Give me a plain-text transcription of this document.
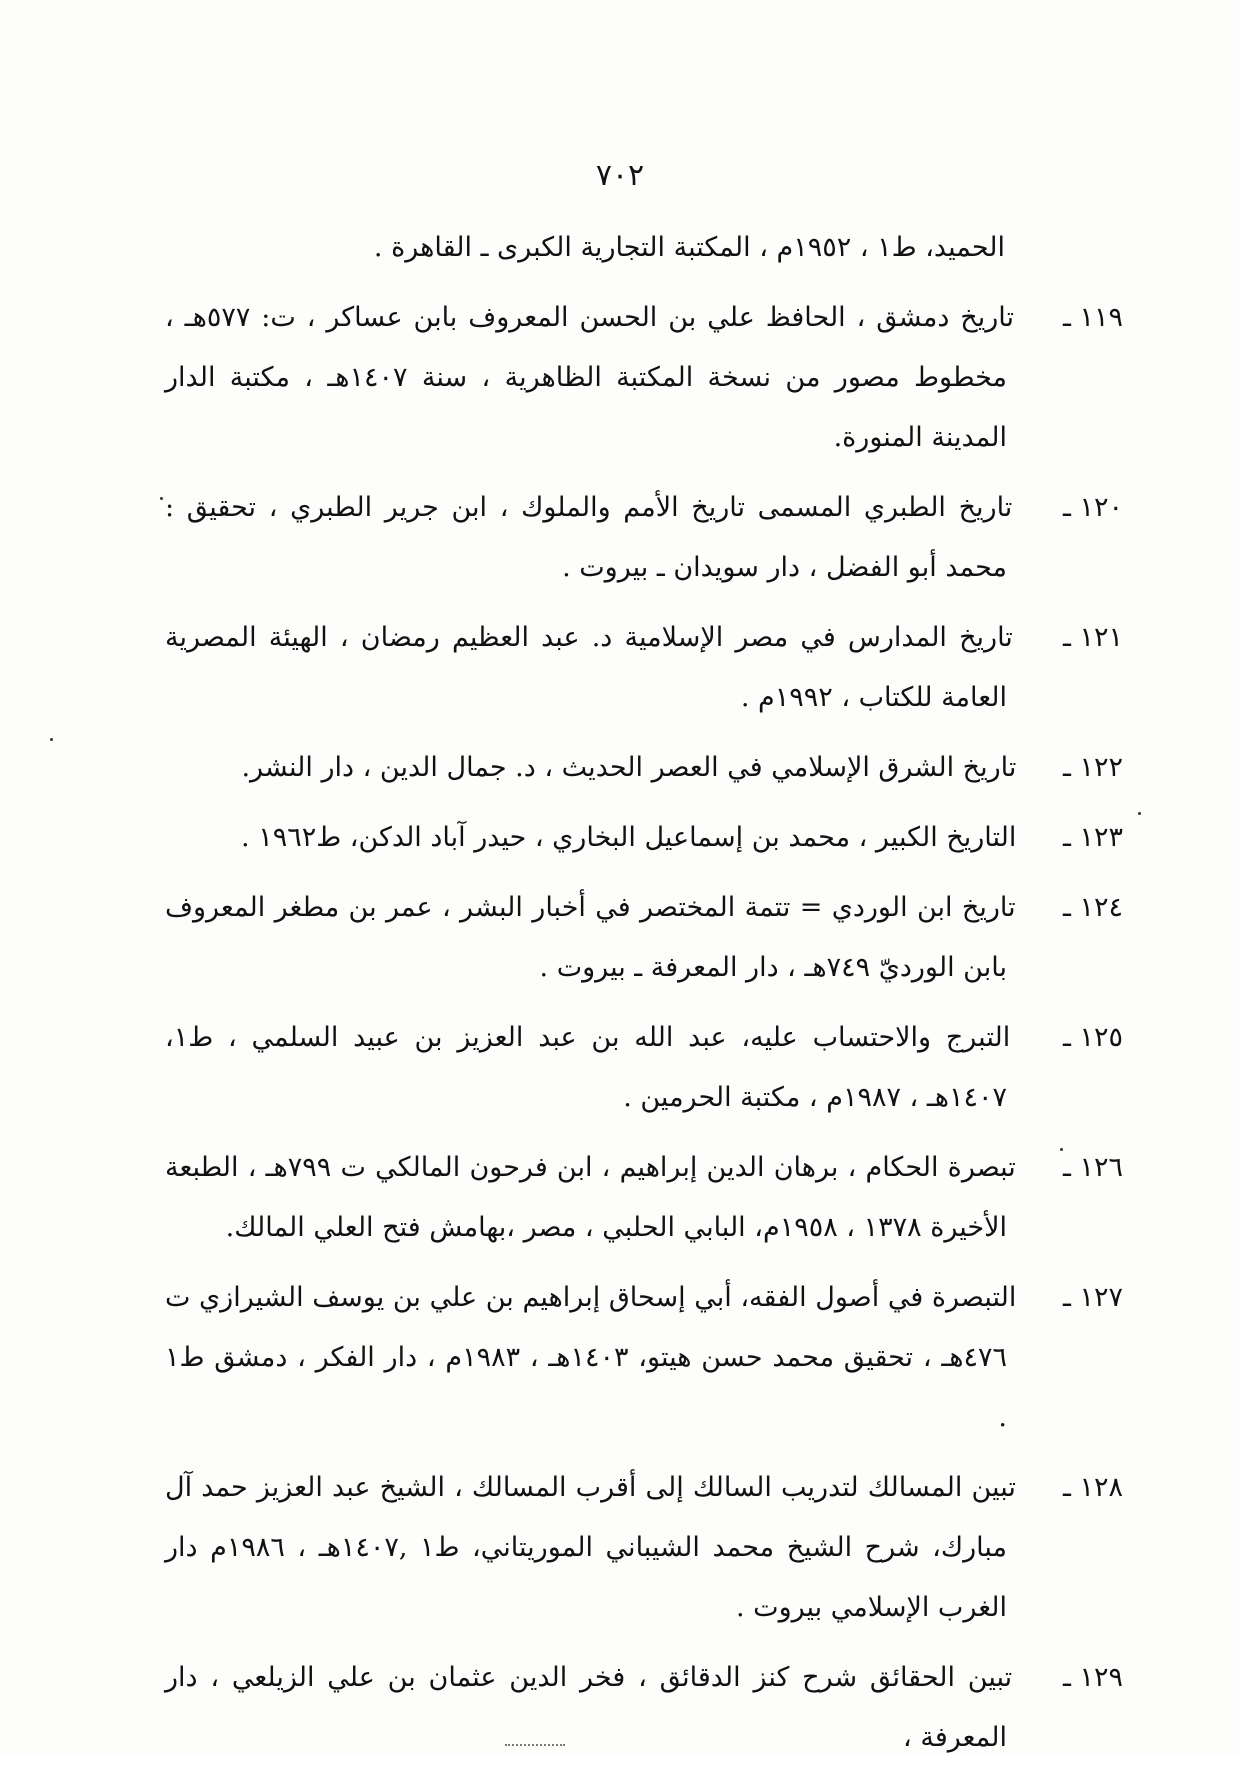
٧٠٢
الحميد، ط١ ، ١٩٥٢م ، المكتبة التجارية الكبرى ـ القاهرة .
١١٩ ـ تاريخ دمشق ، الحافظ علي بن الحسن المعروف بابن عساكر ، ت: ٥٧٧هـ ، مخطوط مصور من نسخة المكتبة الظاهرية ، سنة ١٤٠٧هـ ، مكتبة الدار المدينة المنورة.
١٢٠ ـ تاريخ الطبري المسمى تاريخ الأمم والملوك ، ابن جرير الطبري ، تحقيق : محمد أبو الفضل ، دار سويدان ـ بيروت .
١٢١ ـ تاريخ المدارس في مصر الإسلامية د. عبد العظيم رمضان ، الهيئة المصرية العامة للكتاب ، ١٩٩٢م .
١٢٢ ـ تاريخ الشرق الإسلامي في العصر الحديث ، د. جمال الدين ، دار النشر.
١٢٣ ـ التاريخ الكبير ، محمد بن إسماعيل البخاري ، حيدر آباد الدكن، ط١٩٦٢ .
١٢٤ ـ تاريخ ابن الوردي = تتمة المختصر في أخبار البشر ، عمر بن مطغر المعروف بابن الورديّ ٧٤٩هـ ، دار المعرفة ـ بيروت .
١٢٥ ـ التبرج والاحتساب عليه، عبد الله بن عبد العزيز بن عبيد السلمي ، ط١، ١٤٠٧هـ ، ١٩٨٧م ، مكتبة الحرمين .
١٢٦ ـ تبصرة الحكام ، برهان الدين إبراهيم ، ابن فرحون المالكي ت ٧٩٩هـ ، الطبعة الأخيرة ١٣٧٨ ، ١٩٥٨م، البابي الحلبي ، مصر ،بهامش فتح العلي المالك.
١٢٧ ـ التبصرة في أصول الفقه، أبي إسحاق إبراهيم بن علي بن يوسف الشيرازي ت ٤٧٦هـ ، تحقيق محمد حسن هيتو، ١٤٠٣هـ ، ١٩٨٣م ، دار الفكر ، دمشق ط١ .
١٢٨ ـ تبين المسالك لتدريب السالك إلى أقرب المسالك ، الشيخ عبد العزيز حمد آل مبارك، شرح الشيخ محمد الشيباني الموريتاني، ط١ ,١٤٠٧هـ ، ١٩٨٦م دار الغرب الإسلامي بيروت .
١٢٩ ـ تبين الحقائق شرح كنز الدقائق ، فخر الدين عثمان بن علي الزيلعي ، دار المعرفة ،
